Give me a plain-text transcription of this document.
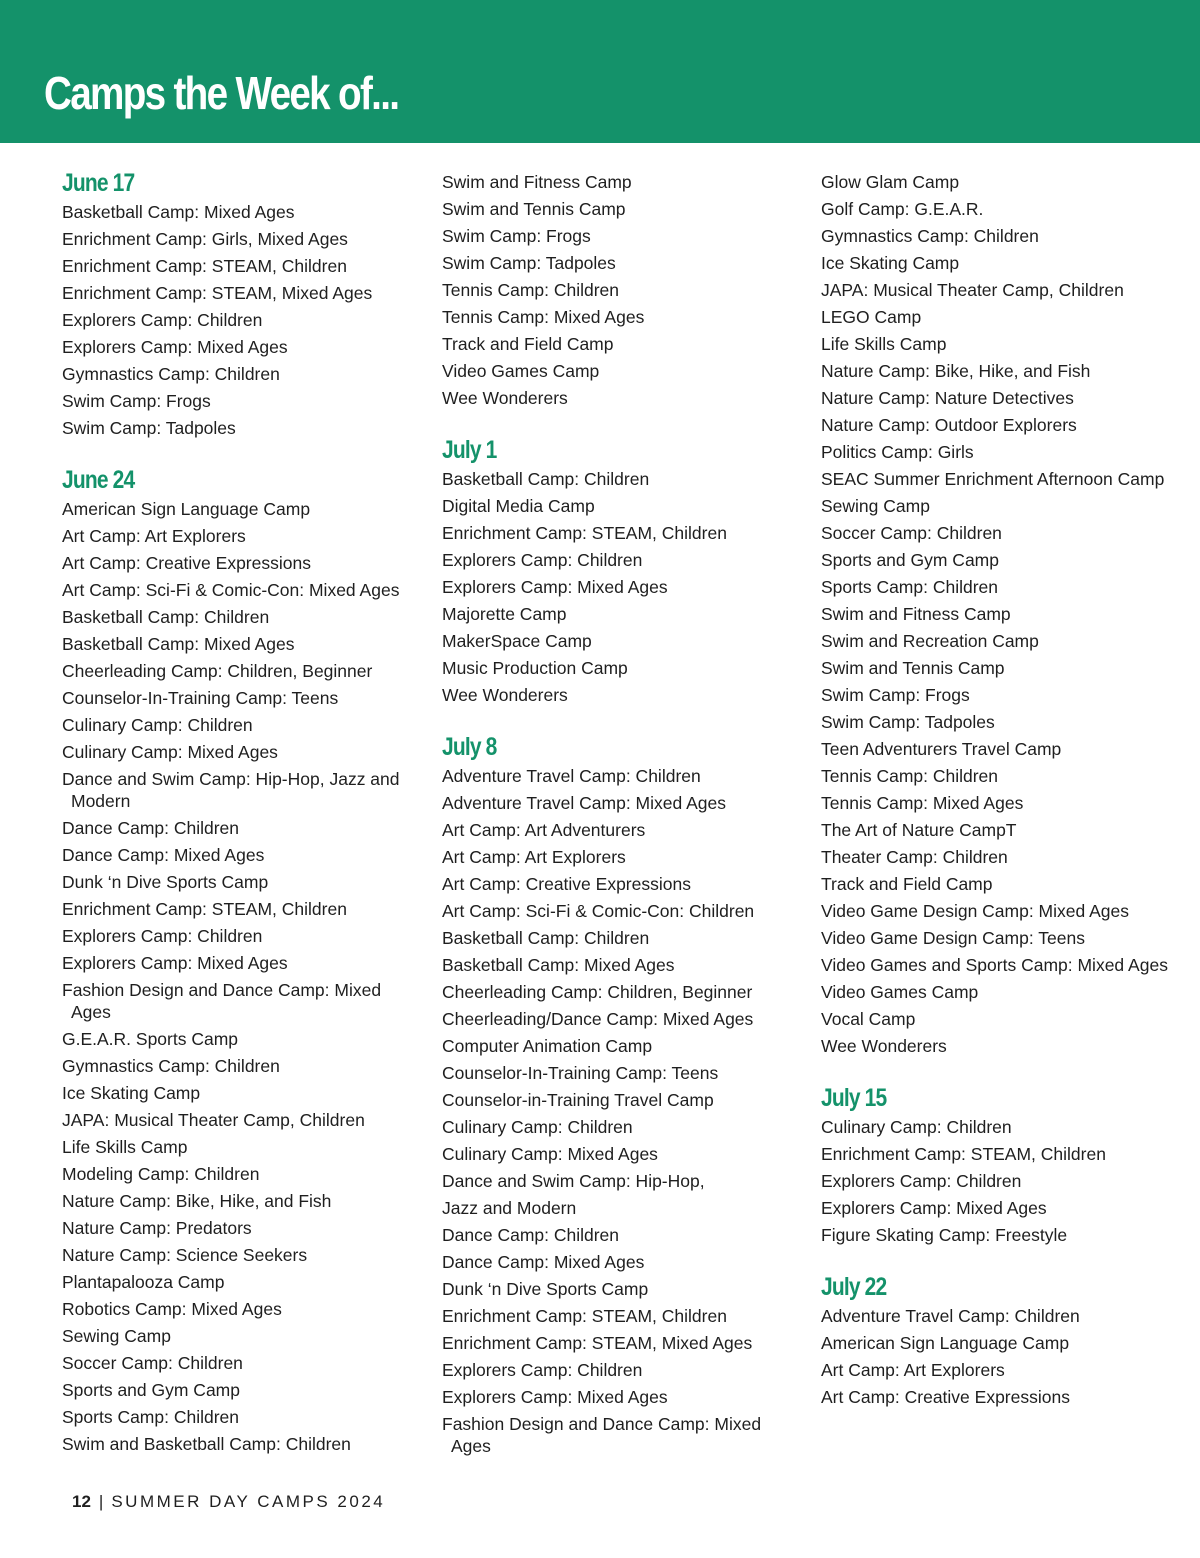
Camps the Week of...
June 17
Basketball Camp: Mixed Ages
Enrichment Camp: Girls, Mixed Ages
Enrichment Camp: STEAM, Children
Enrichment Camp: STEAM, Mixed Ages
Explorers Camp: Children
Explorers Camp: Mixed Ages
Gymnastics Camp: Children
Swim Camp: Frogs
Swim Camp: Tadpoles
June 24
American Sign Language Camp
Art Camp: Art Explorers
Art Camp: Creative Expressions
Art Camp: Sci-Fi & Comic-Con: Mixed Ages
Basketball Camp: Children
Basketball Camp: Mixed Ages
Cheerleading Camp: Children, Beginner
Counselor-In-Training Camp: Teens
Culinary Camp: Children
Culinary Camp: Mixed Ages
Dance and Swim Camp: Hip-Hop, Jazz and Modern
Dance Camp: Children
Dance Camp: Mixed Ages
Dunk ‘n Dive Sports Camp
Enrichment Camp: STEAM, Children
Explorers Camp: Children
Explorers Camp: Mixed Ages
Fashion Design and Dance Camp: Mixed Ages
G.E.A.R. Sports Camp
Gymnastics Camp: Children
Ice Skating Camp
JAPA: Musical Theater Camp, Children
Life Skills Camp
Modeling Camp: Children
Nature Camp: Bike, Hike, and Fish
Nature Camp: Predators
Nature Camp: Science Seekers
Plantapalooza Camp
Robotics Camp: Mixed Ages
Sewing Camp
Soccer Camp: Children
Sports and Gym Camp
Sports Camp: Children
Swim and Basketball Camp: Children
Swim and Fitness Camp
Swim and Tennis Camp
Swim Camp: Frogs
Swim Camp: Tadpoles
Tennis Camp: Children
Tennis Camp: Mixed Ages
Track and Field Camp
Video Games Camp
Wee Wonderers
July 1
Basketball Camp: Children
Digital Media Camp
Enrichment Camp: STEAM, Children
Explorers Camp: Children
Explorers Camp: Mixed Ages
Majorette Camp
MakerSpace Camp
Music Production Camp
Wee Wonderers
July 8
Adventure Travel Camp: Children
Adventure Travel Camp: Mixed Ages
Art Camp: Art Adventurers
Art Camp: Art Explorers
Art Camp: Creative Expressions
Art Camp: Sci-Fi & Comic-Con: Children
Basketball Camp: Children
Basketball Camp: Mixed Ages
Cheerleading Camp: Children, Beginner
Cheerleading/Dance Camp: Mixed Ages
Computer Animation Camp
Counselor-In-Training Camp: Teens
Counselor-in-Training Travel Camp
Culinary Camp: Children
Culinary Camp: Mixed Ages
Dance and Swim Camp: Hip-Hop,
Jazz and Modern
Dance Camp: Children
Dance Camp: Mixed Ages
Dunk ‘n Dive Sports Camp
Enrichment Camp: STEAM, Children
Enrichment Camp: STEAM, Mixed Ages
Explorers Camp: Children
Explorers Camp: Mixed Ages
Fashion Design and Dance Camp: Mixed Ages
Glow Glam Camp
Golf Camp: G.E.A.R.
Gymnastics Camp: Children
Ice Skating Camp
JAPA: Musical Theater Camp, Children
LEGO Camp
Life Skills Camp
Nature Camp: Bike, Hike, and Fish
Nature Camp: Nature Detectives
Nature Camp: Outdoor Explorers
Politics Camp: Girls
SEAC Summer Enrichment Afternoon Camp
Sewing Camp
Soccer Camp: Children
Sports and Gym Camp
Sports Camp: Children
Swim and Fitness Camp
Swim and Recreation Camp
Swim and Tennis Camp
Swim Camp: Frogs
Swim Camp: Tadpoles
Teen Adventurers Travel Camp
Tennis Camp: Children
Tennis Camp: Mixed Ages
The Art of Nature CampT
Theater Camp: Children
Track and Field Camp
Video Game Design Camp: Mixed Ages
Video Game Design Camp: Teens
Video Games and Sports Camp: Mixed Ages
Video Games Camp
Vocal Camp
Wee Wonderers
July 15
Culinary Camp: Children
Enrichment Camp: STEAM, Children
Explorers Camp: Children
Explorers Camp: Mixed Ages
Figure Skating Camp: Freestyle
July 22
Adventure Travel Camp: Children
American Sign Language Camp
Art Camp: Art Explorers
Art Camp: Creative Expressions
12 | SUMMER DAY CAMPS 2024
